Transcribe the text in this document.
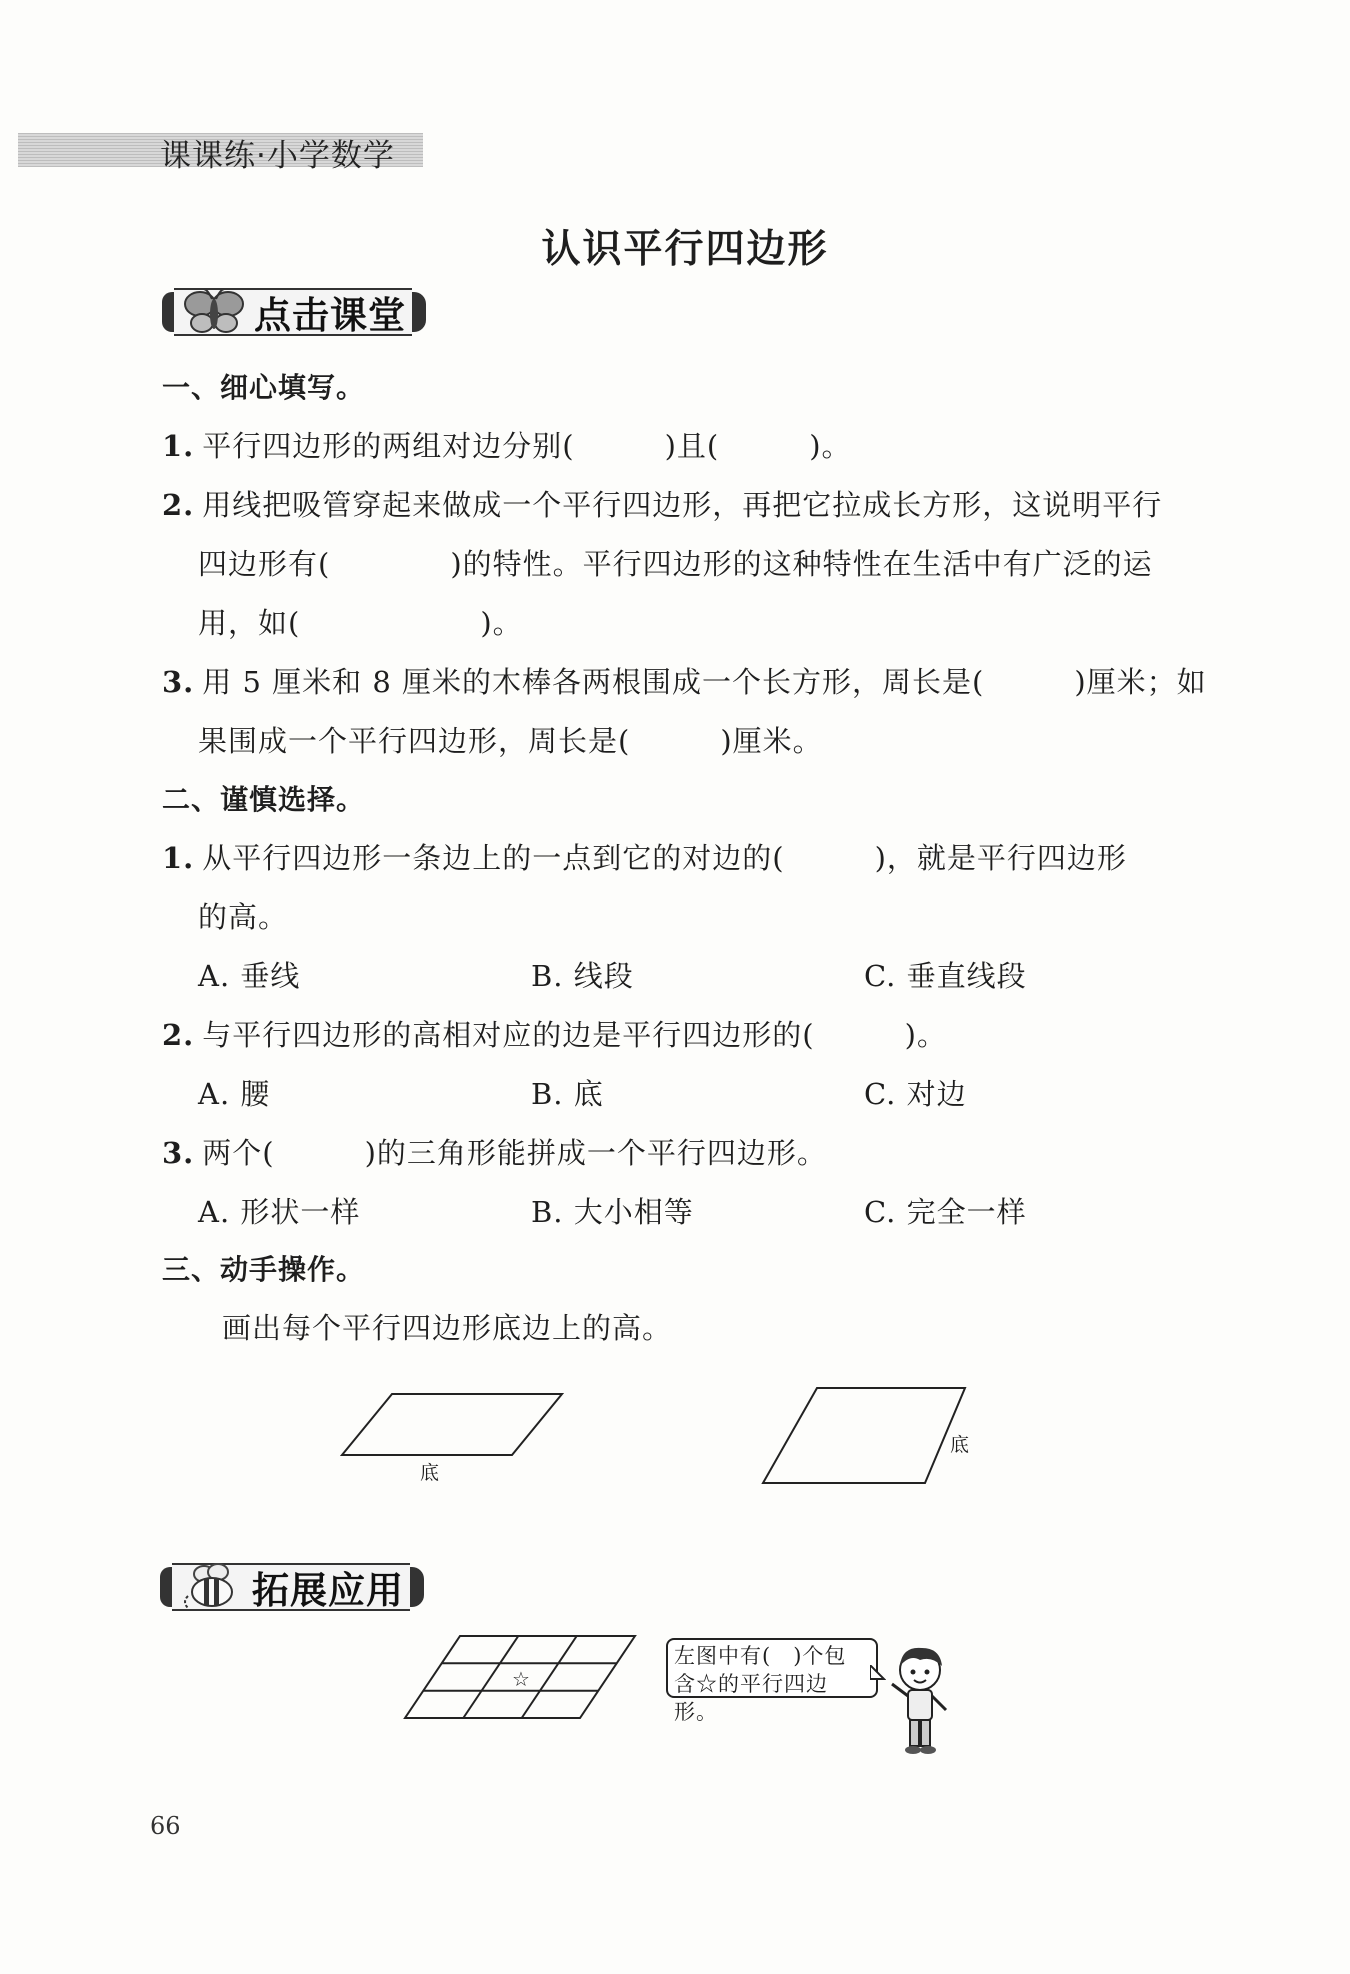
课课练·小学数学
认识平行四边形
点击课堂
一、细心填写。
1. 平行四边形的两组对边分别(　　　)且(　　　)。
2. 用线把吸管穿起来做成一个平行四边形，再把它拉成长方形，这说明平行
四边形有(　　　　)的特性。平行四边形的这种特性在生活中有广泛的运
用，如(　　　　　　)。
3. 用 5 厘米和 8 厘米的木棒各两根围成一个长方形，周长是(　　　)厘米；如
果围成一个平行四边形，周长是(　　　)厘米。
二、谨慎选择。
1. 从平行四边形一条边上的一点到它的对边的(　　　)，就是平行四边形
的高。
A. 垂线	B. 线段	C. 垂直线段
2. 与平行四边形的高相对应的边是平行四边形的(　　　)。
A. 腰	B. 底	C. 对边
3. 两个(　　　)的三角形能拼成一个平行四边形。
A. 形状一样	B. 大小相等	C. 完全一样
三、动手操作。
画出每个平行四边形底边上的高。
底
底
拓展应用
☆
左图中有(　)个包
含☆的平行四边形。
66
